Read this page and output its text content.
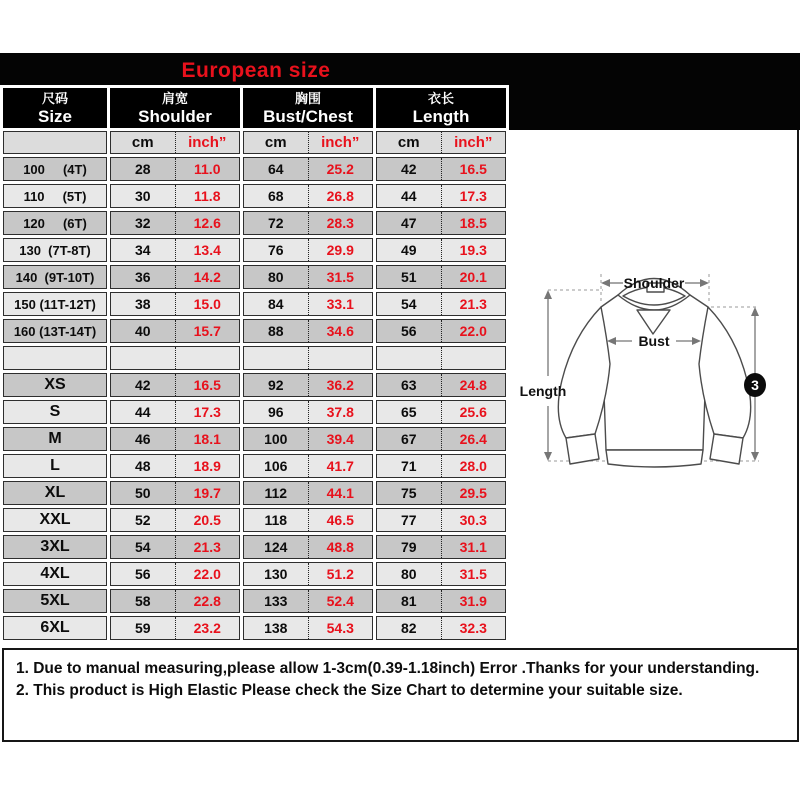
European size
尺码
Size

肩宽
Shoulder

胸围
Bust/Chest

衣长
Length

	cm inch”	cm inch”	cm inch”

100     (4T)	28 11.0	64 25.2	42 16.5

110     (5T)	30 11.8	68 26.8	44 17.3

120     (6T)	32 12.6	72 28.3	47 18.5

130  (7T-8T)	34 13.4	76 29.9	49 19.3

140  (9T-10T)	36 14.2	80 31.5	51 20.1

150 (11T-12T)	38 15.0	84 33.1	54 21.3

160 (13T-14T)	40 15.7	88 34.6	56 22.0

XS	42 16.5	92 36.2	63 24.8

S	44 17.3	96 37.8	65 25.6

M	46 18.1	100 39.4	67 26.4

L	48 18.9	106 41.7	71 28.0

XL	50 19.7	112 44.1	75 29.5

XXL	52 20.5	118 46.5	77 30.3

3XL	54 21.3	124 48.8	79 31.1

4XL	56 22.0	130 51.2	80 31.5

5XL	58 22.8	133 52.4	81 31.9

6XL	59 23.2	138 54.3	82 32.3
Shoulder
Bust
Length	3
1. Due to manual measuring,please allow 1-3cm(0.39-1.18inch) Error .Thanks for your understanding.
2. This product is High Elastic Please check the Size Chart to determine your suitable size.
